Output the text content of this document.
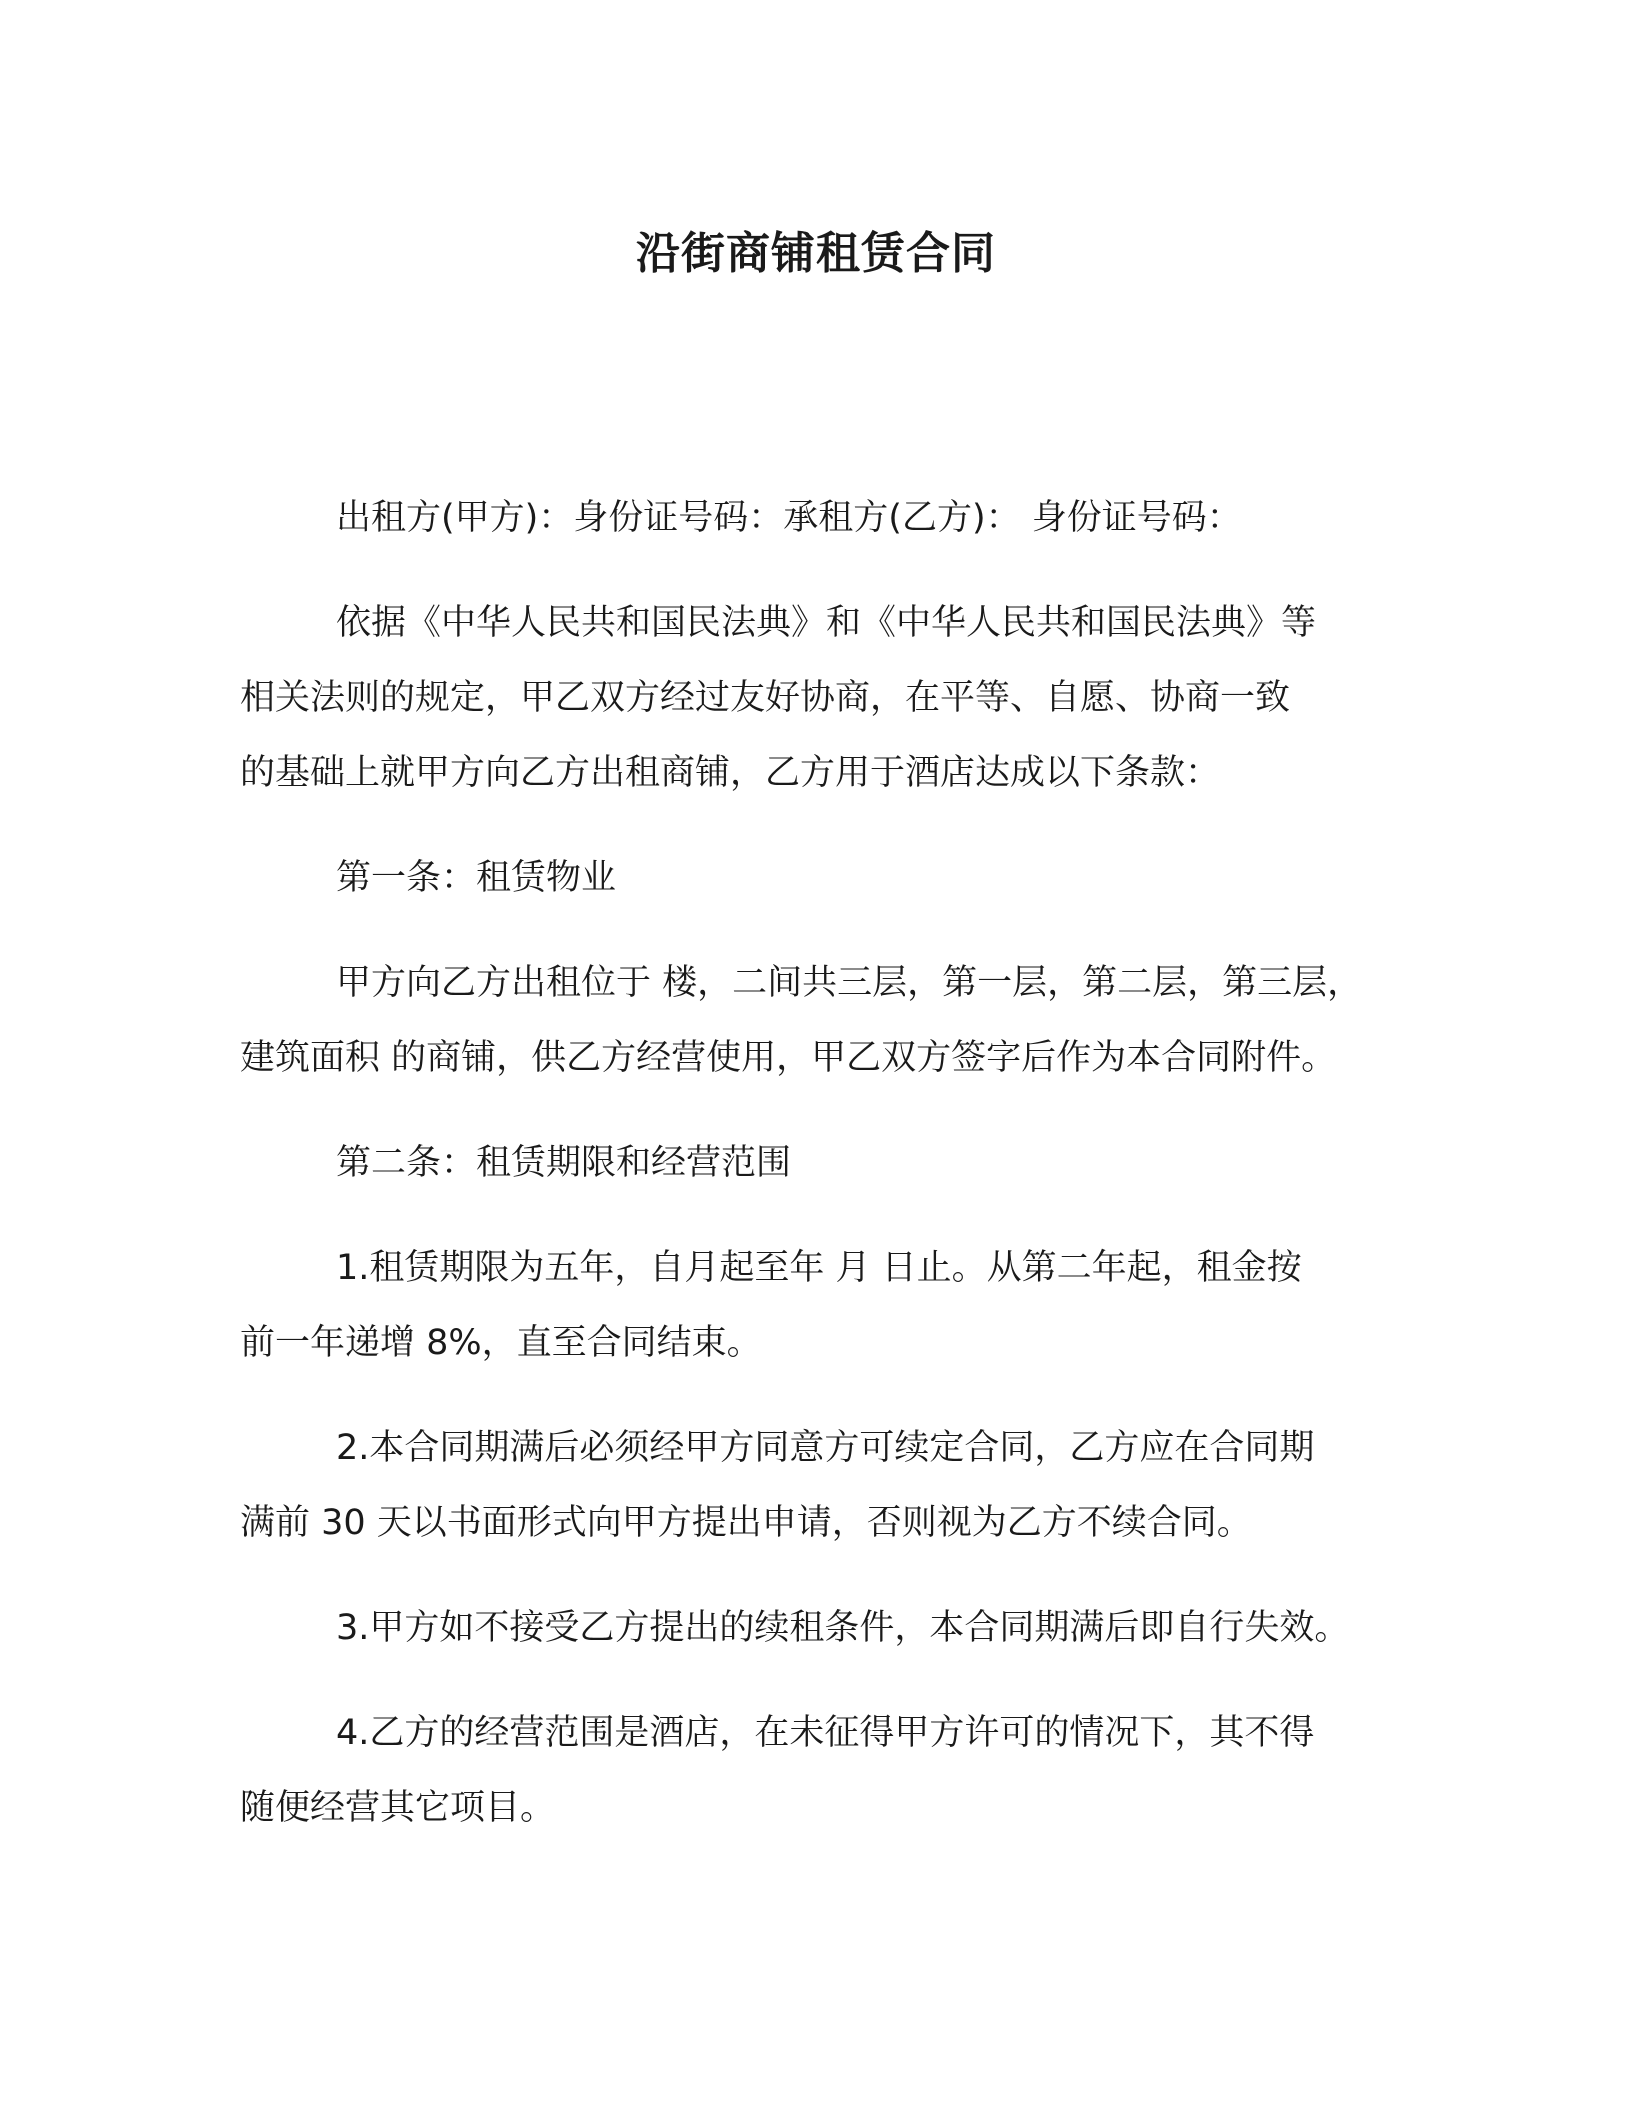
沿街商铺租赁合同
出租方(甲方)：身份证号码：承租方(乙方)： 身份证号码：
依据《中华人民共和国民法典》和《中华人民共和国民法典》等
相关法则的规定，甲乙双方经过友好协商，在平等、自愿、协商一致
的基础上就甲方向乙方出租商铺，乙方用于酒店达成以下条款：
第一条：租赁物业
甲方向乙方出租位于 楼，二间共三层，第一层，第二层，第三层，
建筑面积 的商铺，供乙方经营使用，甲乙双方签字后作为本合同附件。
第二条：租赁期限和经营范围
1.租赁期限为五年，自月起至年 月 日止。从第二年起，租金按
前一年递增 8%，直至合同结束。
2.本合同期满后必须经甲方同意方可续定合同，乙方应在合同期
满前 30 天以书面形式向甲方提出申请，否则视为乙方不续合同。
3.甲方如不接受乙方提出的续租条件，本合同期满后即自行失效。
4.乙方的经营范围是酒店，在未征得甲方许可的情况下，其不得
随便经营其它项目。
